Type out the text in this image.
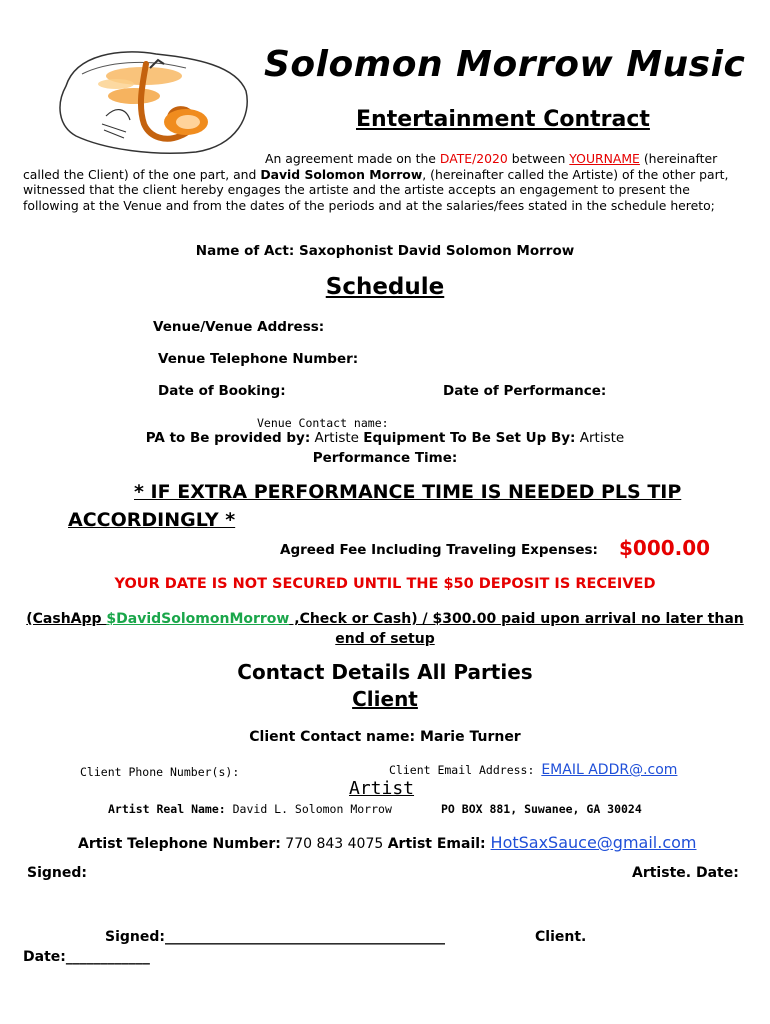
Solomon Morrow Music
Entertainment Contract
An agreement made on the DATE/2020 between YOURNAME (hereinafter
called the Client) of the one part, and David Solomon Morrow, (hereinafter called the Artiste) of the other part, witnessed that the client hereby engages the artiste and the artiste accepts an engagement to present the following at the Venue and from the dates of the periods and at the salaries/fees stated in the schedule hereto;
Name of Act: Saxophonist David Solomon Morrow
Schedule
Venue/Venue Address:
Venue Telephone Number:
Date of Booking:	Date of Performance:
Venue Contact name:
PA to Be provided by: Artiste Equipment To Be Set Up By: Artiste
Performance Time:
* IF EXTRA PERFORMANCE TIME IS NEEDED PLS TIP
ACCORDINGLY *
Agreed Fee Including Traveling Expenses: $000.00
YOUR DATE IS NOT SECURED UNTIL THE $50 DEPOSIT IS RECEIVED
(CashApp $DavidSolomonMorrow ,Check or Cash) / $300.00 paid upon arrival no later than end of setup
Contact Details All Parties
Client
Client Contact name: Marie Turner
Client Phone Number(s):	Client Email Address: EMAIL ADDR@.com
Artist
Artist Real Name: David L. Solomon Morrow	PO BOX 881, Suwanee, GA 30024
Artist Telephone Number: 770 843 4075 Artist Email: HotSaxSauce@gmail.com
Signed:	Artiste. Date:
Signed:________________________________________	Client.
Date:____________
